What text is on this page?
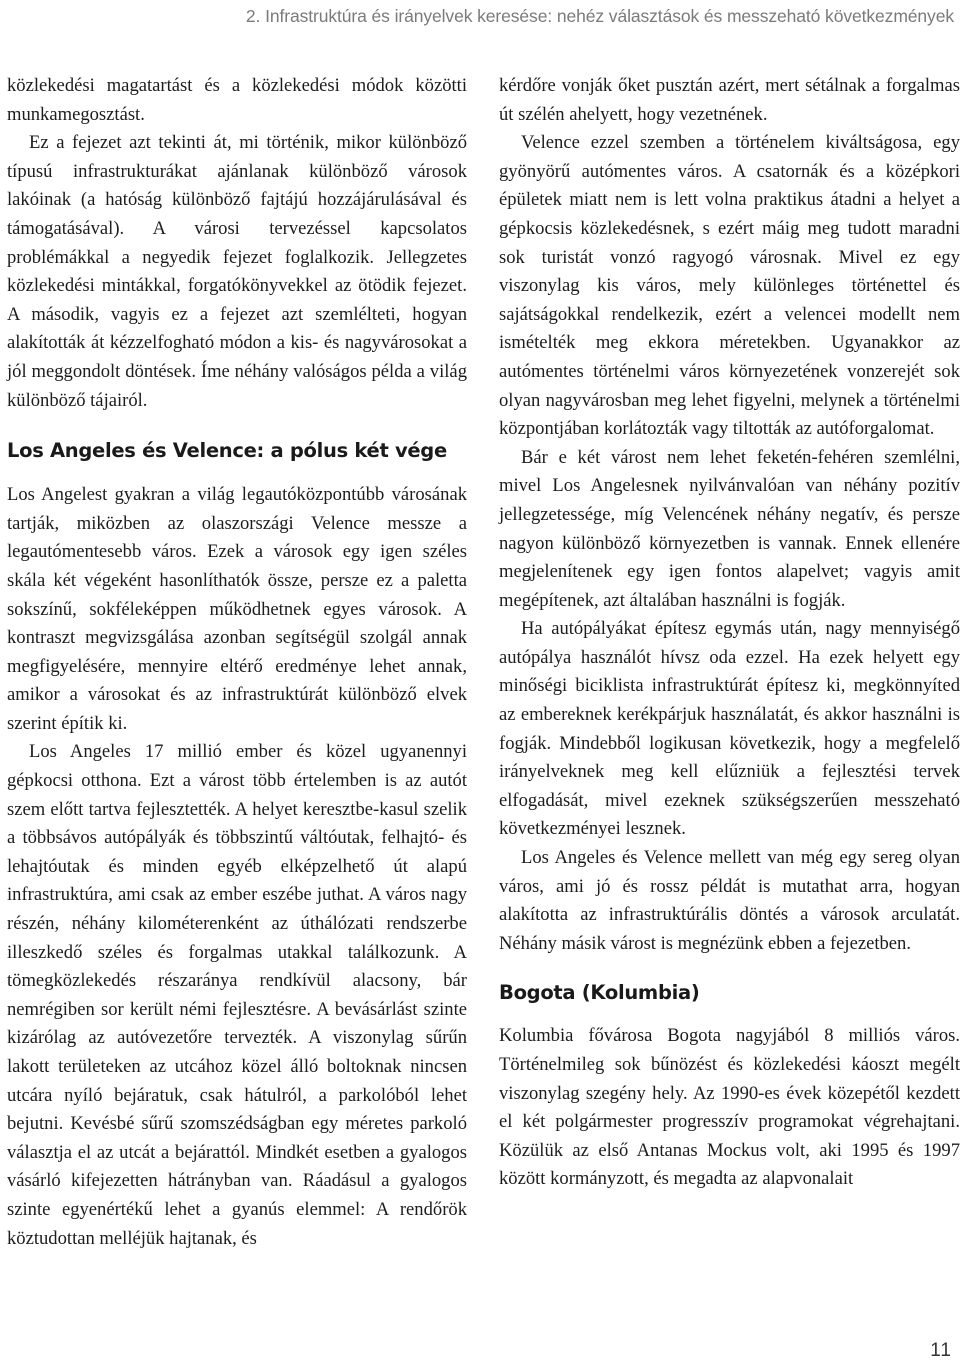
2. Infrastruktúra és irányelvek keresése: nehéz választások és messzeható következmények

közlekedési magatartást és a közlekedési módok közötti munkamegosztást.

Ez a fejezet azt tekinti át, mi történik, mikor különböző típusú infrastrukturákat ajánlanak különböző városok lakóinak (a hatóság különböző fajtájú hozzájárulásával és támogatásával). A városi tervezéssel kapcsolatos problémákkal a negyedik fejezet foglalkozik. Jellegzetes közlekedési mintákkal, forgatókönyvekkel az ötödik fejezet. A második, vagyis ez a fejezet azt szemlélteti, hogyan alakították át kézzelfogható módon a kis- és nagyvárosokat a jól meggondolt döntések. Íme néhány valóságos példa a világ különböző tájairól.

Los Angeles és Velence: a pólus két vége

Los Angelest gyakran a világ legautóközpontúbb városának tartják, miközben az olaszországi Velence messze a legautómentesebb város. Ezek a városok egy igen széles skála két végeként hasonlíthatók össze, persze ez a paletta sokszínű, sokféleképpen működhetnek egyes városok. A kontraszt megvizsgálása azonban segítségül szolgál annak megfigyelésére, mennyire eltérő eredménye lehet annak, amikor a városokat és az infrastruktúrát különböző elvek szerint építik ki.

Los Angeles 17 millió ember és közel ugyanennyi gépkocsi otthona. Ezt a várost több értelemben is az autót szem előtt tartva fejlesztették. A helyet keresztbe-kasul szelik a többsávos autópályák és többszintű váltóutak, felhajtó- és lehajtóutak és minden egyéb elképzelhető út alapú infrastruktúra, ami csak az ember eszébe juthat. A város nagy részén, néhány kilométerenként az úthálózati rendszerbe illeszkedő széles és forgalmas utakkal találkozunk. A tömegközlekedés részaránya rendkívül alacsony, bár nemrégiben sor került némi fejlesztésre. A bevásárlást szinte kizárólag az autóvezetőre tervezték. A viszonylag sűrűn lakott területeken az utcához közel álló boltoknak nincsen utcára nyíló bejáratuk, csak hátulról, a parkolóból lehet bejutni. Kevésbé sűrű szomszédságban egy méretes parkoló választja el az utcát a bejárattól. Mindkét esetben a gyalogos vásárló kifejezetten hátrányban van. Ráadásul a gyalogos szinte egyenértékű lehet a gyanús elemmel: A rendőrök köztudottan melléjük hajtanak, és

kérdőre vonják őket pusztán azért, mert sétálnak a forgalmas út szélén ahelyett, hogy vezetnének.

Velence ezzel szemben a történelem kiváltságosa, egy gyönyörű autómentes város. A csatornák és a középkori épületek miatt nem is lett volna praktikus átadni a helyet a gépkocsis közlekedésnek, s ezért máig meg tudott maradni sok turistát vonzó ragyogó városnak. Mivel ez egy viszonylag kis város, mely különleges történettel és sajátságokkal rendelkezik, ezért a velencei modellt nem ismételték meg ekkora méretekben. Ugyanakkor az autómentes történelmi város környezetének vonzerejét sok olyan nagyvárosban meg lehet figyelni, melynek a történelmi központjában korlátozták vagy tiltották az autóforgalomat.

Bár e két várost nem lehet feketén-fehéren szemlélni, mivel Los Angelesnek nyilvánvalóan van néhány pozitív jellegzetessége, míg Velencének néhány negatív, és persze nagyon különböző környezetben is vannak. Ennek ellenére megjelenítenek egy igen fontos alapelvet; vagyis amit megépítenek, azt általában használni is fogják.

Ha autópályákat építesz egymás után, nagy mennyiségő autópálya használót hívsz oda ezzel. Ha ezek helyett egy minőségi biciklista infrastruktúrát építesz ki, megkönnyíted az embereknek kerékpárjuk használatát, és akkor használni is fogják. Mindebből logikusan következik, hogy a megfelelő irányelveknek meg kell elűzniük a fejlesztési tervek elfogadását, mivel ezeknek szükségszerűen messzeható következményei lesznek.

Los Angeles és Velence mellett van még egy sereg olyan város, ami jó és rossz példát is mutathat arra, hogyan alakította az infrastruktúrális döntés a városok arculatát. Néhány másik várost is megnézünk ebben a fejezetben.

Bogota (Kolumbia)

Kolumbia fővárosa Bogota nagyjából 8 milliós város. Történelmileg sok bűnözést és közlekedési káoszt megélt viszonylag szegény hely. Az 1990-es évek közepétől kezdett el két polgármester progresszív programokat végrehajtani. Közülük az első Antanas Mockus volt, aki 1995 és 1997 között kormányzott, és megadta az alapvonalait

11
